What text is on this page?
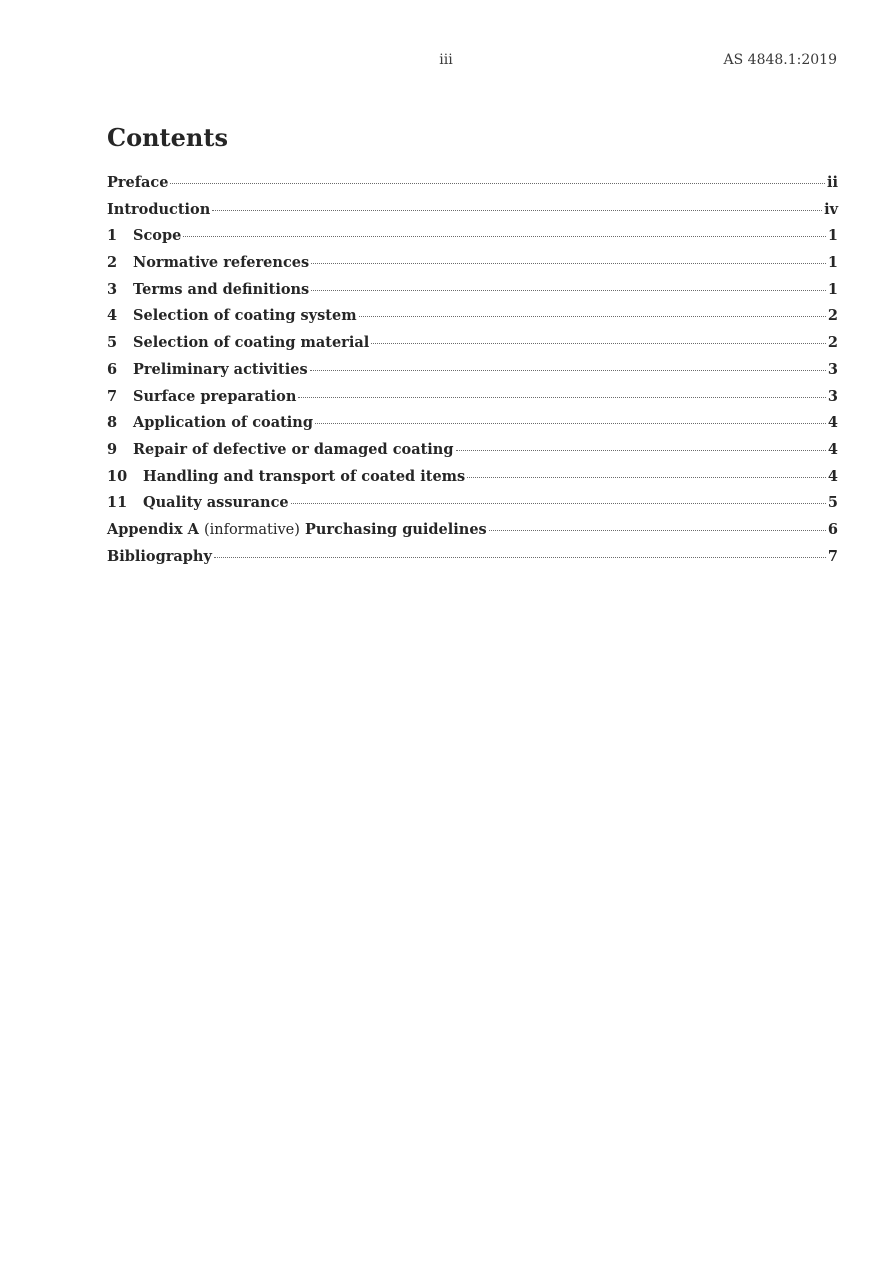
iii	AS 4848.1:2019
Contents
Preface	ii
Introduction	iv
1	Scope	1
2	Normative references	1
3	Terms and definitions	1
4	Selection of coating system	2
5	Selection of coating material	2
6	Preliminary activities	3
7	Surface preparation	3
8	Application of coating	4
9	Repair of defective or damaged coating	4
10	Handling and transport of coated items	4
11	Quality assurance	5
Appendix A (informative) Purchasing guidelines	6
Bibliography	7
